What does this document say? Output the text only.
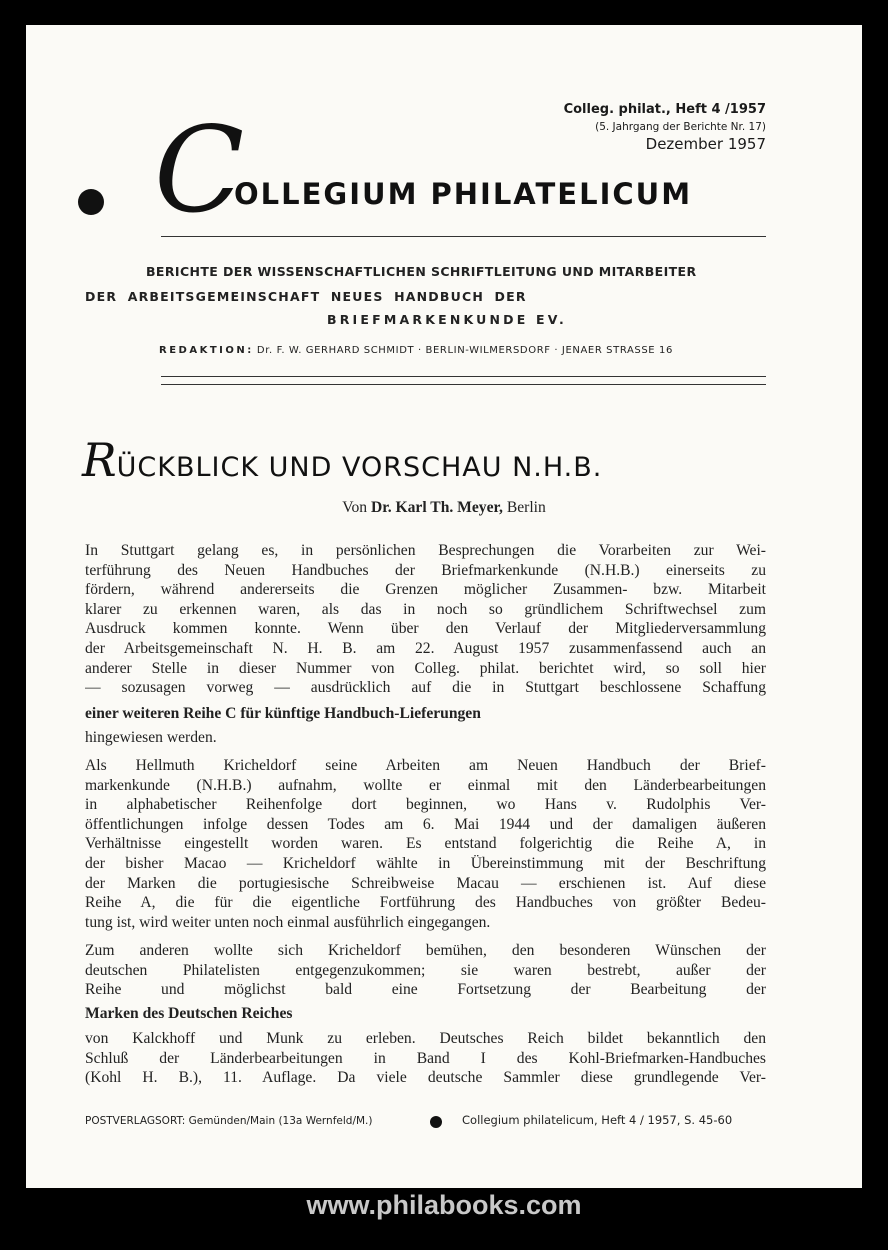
Colleg. philat., Heft 4 /1957
(5. Jahrgang der Berichte Nr. 17)
Dezember 1957
C
OLLEGIUM PHILATELICUM
BERICHTE DER WISSENSCHAFTLICHEN SCHRIFTLEITUNG UND MITARBEITER
DER ARBEITSGEMEINSCHAFT NEUES HANDBUCH DER
BRIEFMARKENKUNDE EV.
REDAKTION: Dr. F. W. GERHARD SCHMIDT · BERLIN-WILMERSDORF · JENAER STRASSE 16
RÜCKBLICK UND VORSCHAU N.H.B.
Von Dr. Karl Th. Meyer, Berlin
In Stuttgart gelang es, in persönlichen Besprechungen die Vorarbeiten zur Wei-
terführung des Neuen Handbuches der Briefmarkenkunde (N.H.B.) einerseits zu
fördern, während andererseits die Grenzen möglicher Zusammen- bzw. Mitarbeit
klarer zu erkennen waren, als das in noch so gründlichem Schriftwechsel zum
Ausdruck kommen konnte. Wenn über den Verlauf der Mitgliederversammlung
der Arbeitsgemeinschaft N. H. B. am 22. August 1957 zusammenfassend auch an
anderer Stelle in dieser Nummer von Colleg. philat. berichtet wird, so soll hier
— sozusagen vorweg — ausdrücklich auf die in Stuttgart beschlossene Schaffung
einer weiteren Reihe C für künftige Handbuch-Lieferungen
hingewiesen werden.
Als Hellmuth Kricheldorf seine Arbeiten am Neuen Handbuch der Brief-
markenkunde (N.H.B.) aufnahm, wollte er einmal mit den Länderbearbeitungen
in alphabetischer Reihenfolge dort beginnen, wo Hans v. Rudolphis Ver-
öffentlichungen infolge dessen Todes am 6. Mai 1944 und der damaligen äußeren
Verhältnisse eingestellt worden waren. Es entstand folgerichtig die Reihe A, in
der bisher Macao — Kricheldorf wählte in Übereinstimmung mit der Beschriftung
der Marken die portugiesische Schreibweise Macau — erschienen ist. Auf diese
Reihe A, die für die eigentliche Fortführung des Handbuches von größter Bedeu-
tung ist, wird weiter unten noch einmal ausführlich eingegangen.
Zum anderen wollte sich Kricheldorf bemühen, den besonderen Wünschen der
deutschen Philatelisten entgegenzukommen; sie waren bestrebt, außer der
Reihe und möglichst bald eine Fortsetzung der Bearbeitung der
Marken des Deutschen Reiches
von Kalckhoff und Munk zu erleben. Deutsches Reich bildet bekanntlich den
Schluß der Länderbearbeitungen in Band I des Kohl-Briefmarken-Handbuches
(Kohl H. B.), 11. Auflage. Da viele deutsche Sammler diese grundlegende Ver-
POSTVERLAGSORT: Gemünden/Main (13a Wernfeld/M.)	Collegium philatelicum, Heft 4 / 1957, S. 45-60
www.philabooks.com
